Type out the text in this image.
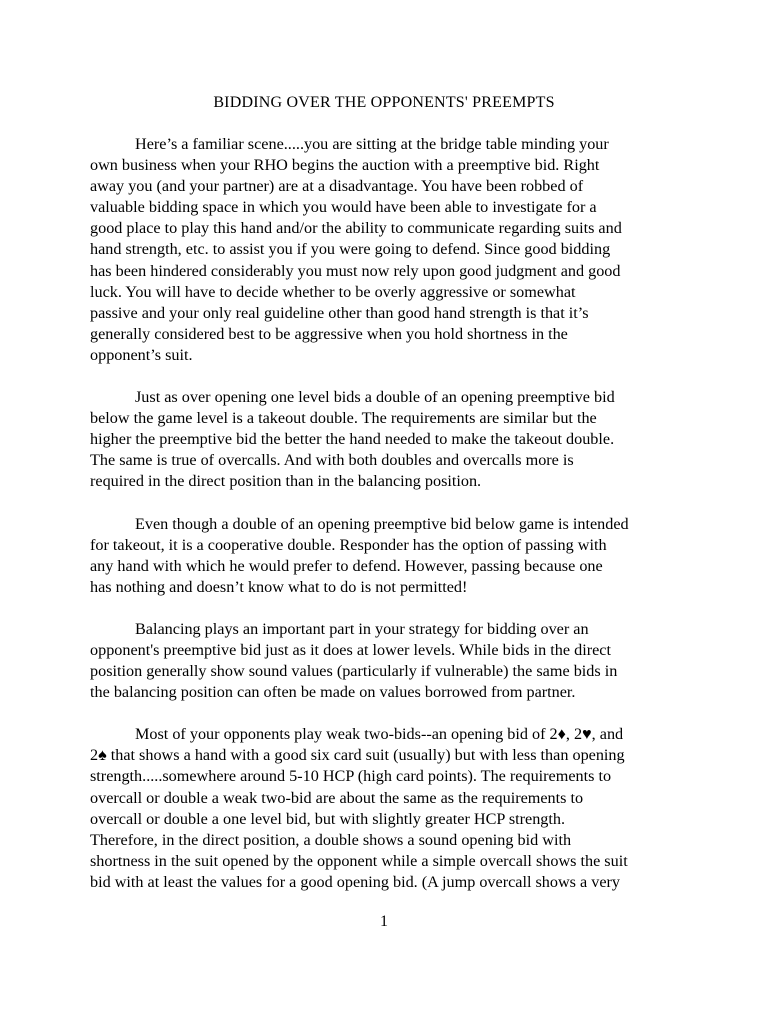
BIDDING OVER THE OPPONENTS' PREEMPTS
Here’s a familiar scene.....you are sitting at the bridge table minding your
own business when your RHO begins the auction with a preemptive bid. Right
away you (and your partner) are at a disadvantage. You have been robbed of
valuable bidding space in which you would have been able to investigate for a
good place to play this hand and/or the ability to communicate regarding suits and
hand strength, etc. to assist you if you were going to defend. Since good bidding
has been hindered considerably you must now rely upon good judgment and good
luck. You will have to decide whether to be overly aggressive or somewhat
passive and your only real guideline other than good hand strength is that it’s
generally considered best to be aggressive when you hold shortness in the
opponent’s suit.
Just as over opening one level bids a double of an opening preemptive bid
below the game level is a takeout double. The requirements are similar but the
higher the preemptive bid the better the hand needed to make the takeout double.
The same is true of overcalls. And with both doubles and overcalls more is
required in the direct position than in the balancing position.
Even though a double of an opening preemptive bid below game is intended
for takeout, it is a cooperative double. Responder has the option of passing with
any hand with which he would prefer to defend. However, passing because one
has nothing and doesn’t know what to do is not permitted!
Balancing plays an important part in your strategy for bidding over an
opponent's preemptive bid just as it does at lower levels. While bids in the direct
position generally show sound values (particularly if vulnerable) the same bids in
the balancing position can often be made on values borrowed from partner.
Most of your opponents play weak two-bids--an opening bid of 2♦, 2♥, and
2♠ that shows a hand with a good six card suit (usually) but with less than opening
strength.....somewhere around 5-10 HCP (high card points). The requirements to
overcall or double a weak two-bid are about the same as the requirements to
overcall or double a one level bid, but with slightly greater HCP strength.
Therefore, in the direct position, a double shows a sound opening bid with
shortness in the suit opened by the opponent while a simple overcall shows the suit
bid with at least the values for a good opening bid. (A jump overcall shows a very
1
